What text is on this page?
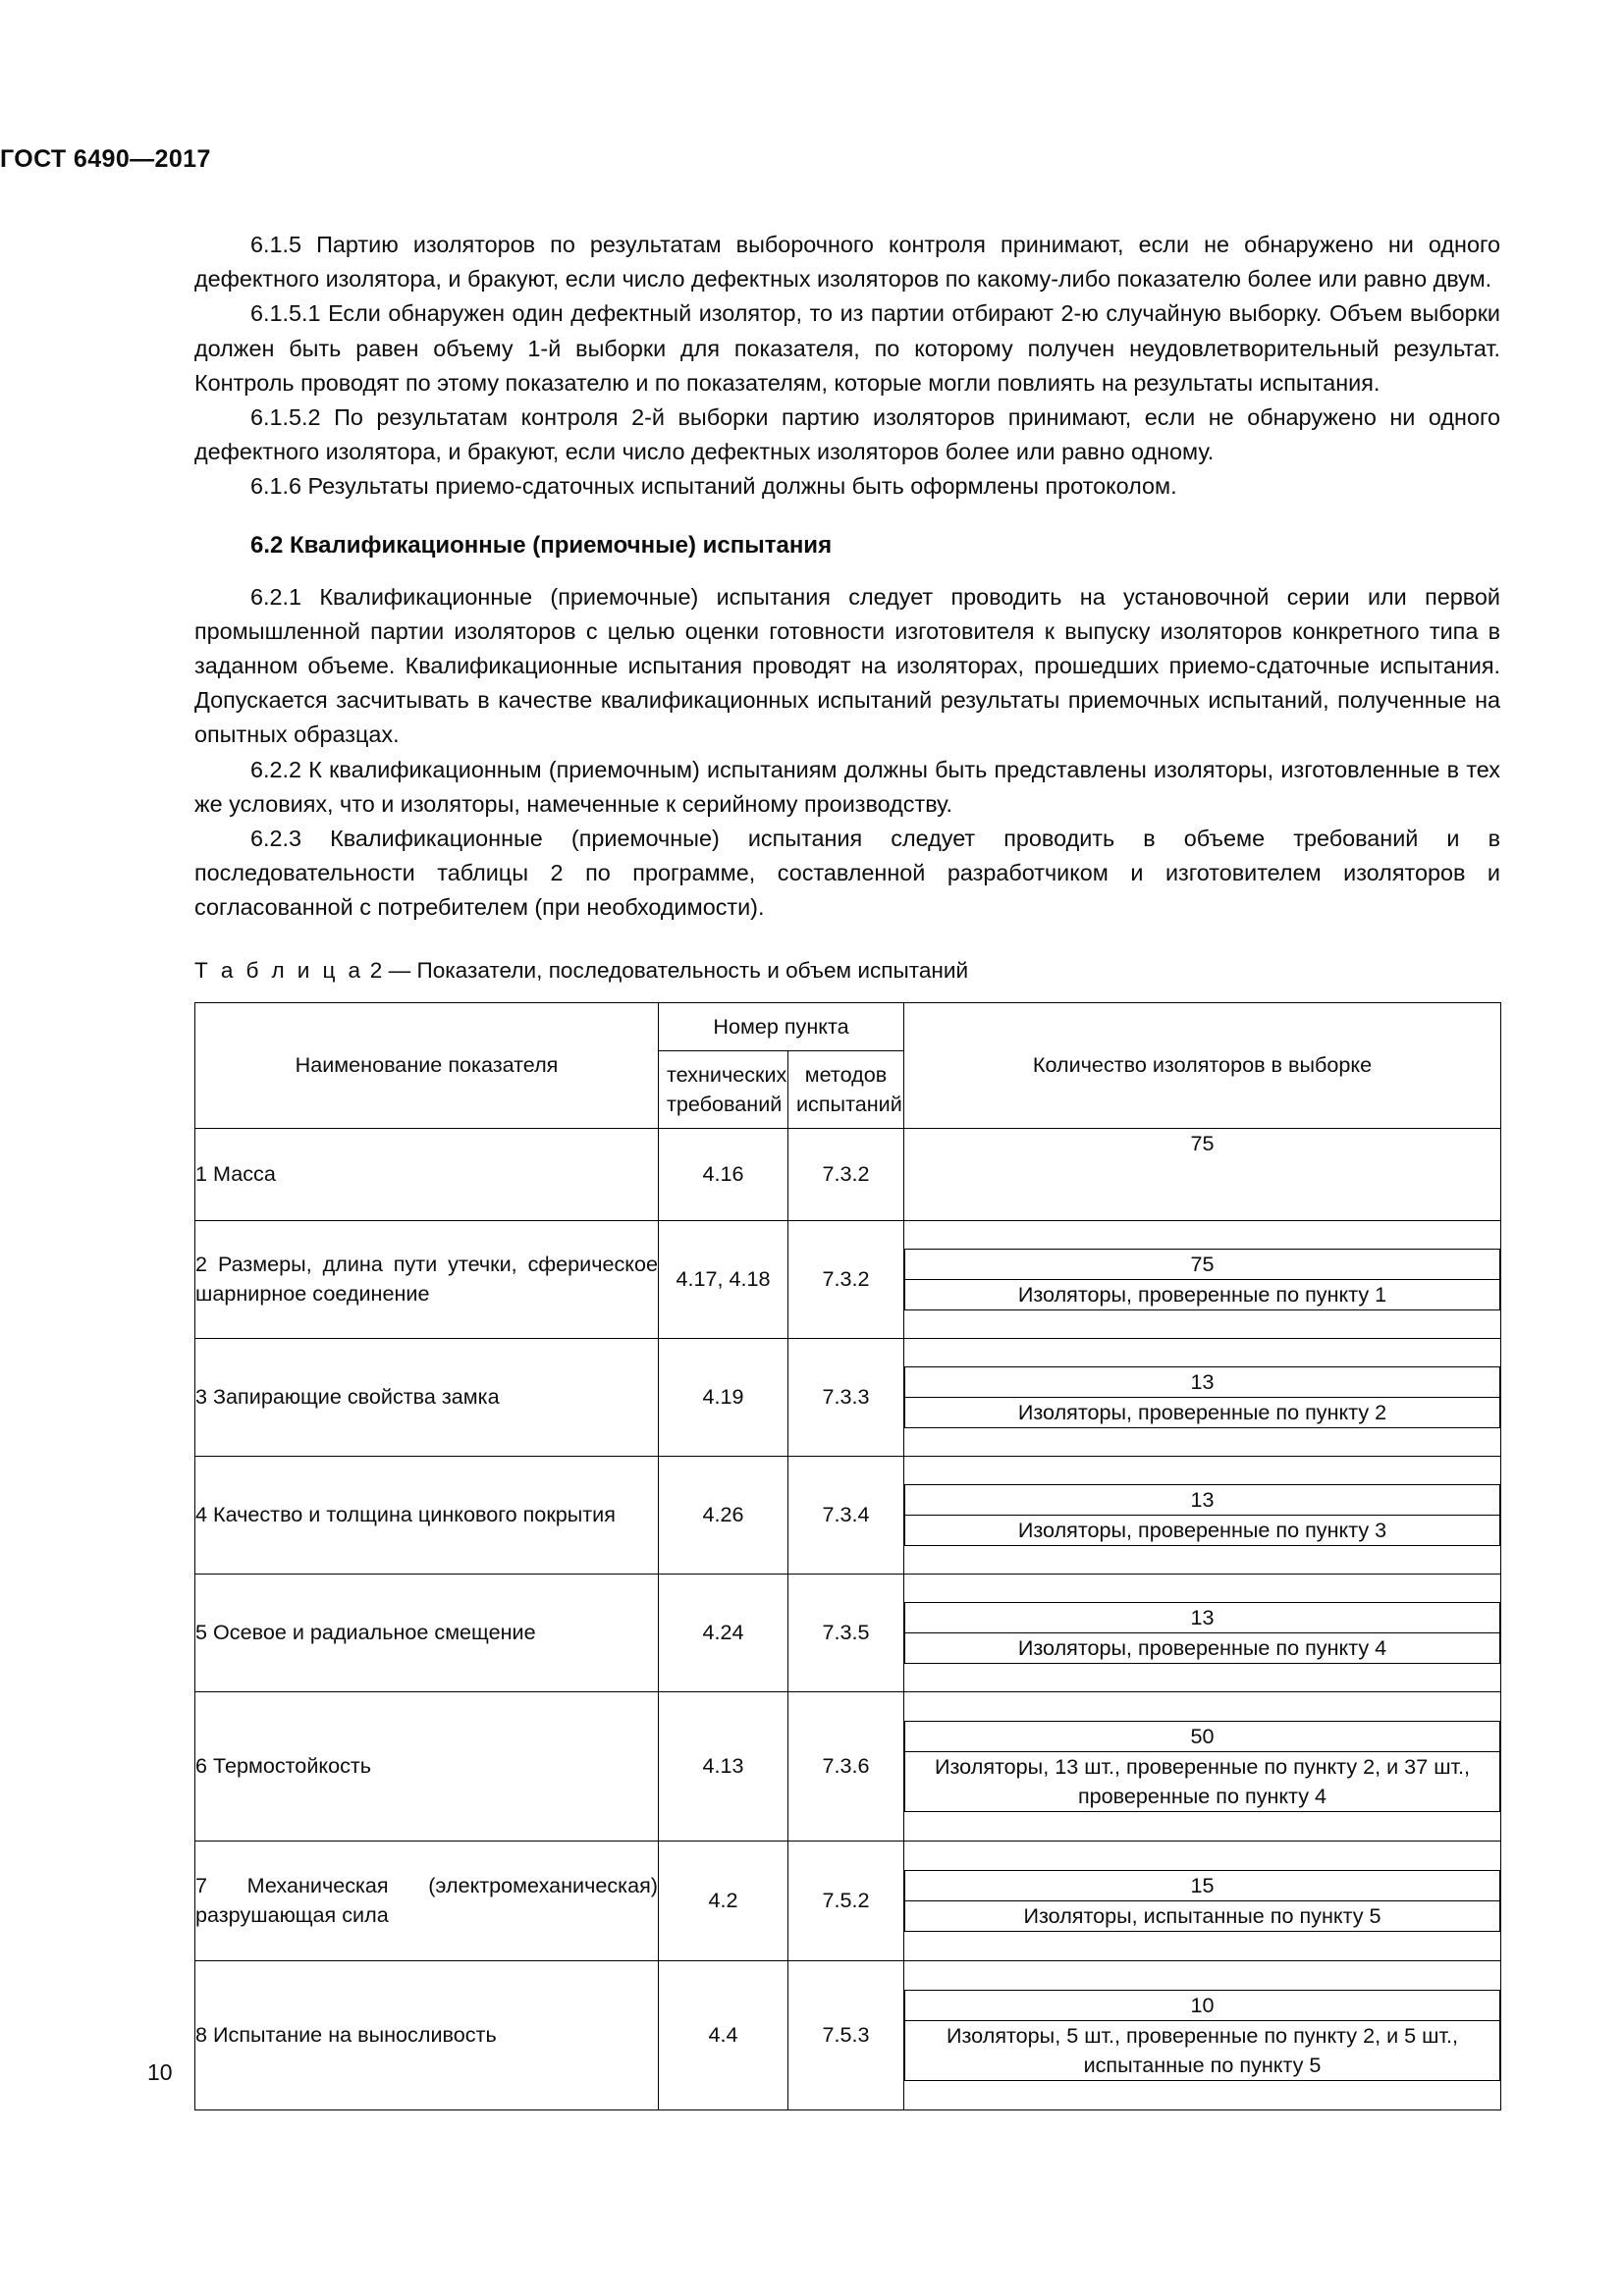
ГОСТ 6490—2017

6.1.5 Партию изоляторов по результатам выборочного контроля принимают, если не обнаружено ни одного дефектного изолятора, и бракуют, если число дефектных изоляторов по какому-либо показателю более или равно двум.

6.1.5.1 Если обнаружен один дефектный изолятор, то из партии отбирают 2-ю случайную выборку. Объем выборки должен быть равен объему 1-й выборки для показателя, по которому получен неудовлетворительный результат. Контроль проводят по этому показателю и по показателям, которые могли повлиять на результаты испытания.

6.1.5.2 По результатам контроля 2-й выборки партию изоляторов принимают, если не обнаружено ни одного дефектного изолятора, и бракуют, если число дефектных изоляторов более или равно одному.

6.1.6 Результаты приемо-сдаточных испытаний должны быть оформлены протоколом.

6.2 Квалификационные (приемочные) испытания

6.2.1 Квалификационные (приемочные) испытания следует проводить на установочной серии или первой промышленной партии изоляторов с целью оценки готовности изготовителя к выпуску изоляторов конкретного типа в заданном объеме. Квалификационные испытания проводят на изоляторах, прошедших приемо-сдаточные испытания. Допускается засчитывать в качестве квалификационных испытаний результаты приемочных испытаний, полученные на опытных образцах.

6.2.2 К квалификационным (приемочным) испытаниям должны быть представлены изоляторы, изготовленные в тех же условиях, что и изоляторы, намеченные к серийному производству.

6.2.3 Квалификационные (приемочные) испытания следует проводить в объеме требований и в последовательности таблицы 2 по программе, составленной разработчиком и изготовителем изоляторов и согласованной с потребителем (при необходимости).

Т а б л и ц а 2 — Показатели, последовательность и объем испытаний

Наименование показателя	Номер пункта	Количество изоляторов в выборке
технических требований	методов испытаний
1 Масса	4.16	7.3.2	75
2 Размеры, длина пути утечки, сферическое шарнирное соединение	4.17, 4.18	7.3.2	
75
Изоляторы, проверенные по пункту 1

3 Запирающие свойства замка	4.19	7.3.3	
13
Изоляторы, проверенные по пункту 2

4 Качество и толщина цинкового покрытия	4.26	7.3.4	
13
Изоляторы, проверенные по пункту 3

5 Осевое и радиальное смещение	4.24	7.3.5	
13
Изоляторы, проверенные по пункту 4

6 Термостойкость	4.13	7.3.6	
50
Изоляторы, 13 шт., проверенные по пункту 2, и 37 шт., проверенные по пункту 4

7 Механическая (электромеханическая) разрушающая сила	4.2	7.5.2	
15
Изоляторы, испытанные по пункту 5

8 Испытание на выносливость	4.4	7.5.3	
10
Изоляторы, 5 шт., проверенные по пункту 2, и 5 шт., испытанные по пункту 5
10
